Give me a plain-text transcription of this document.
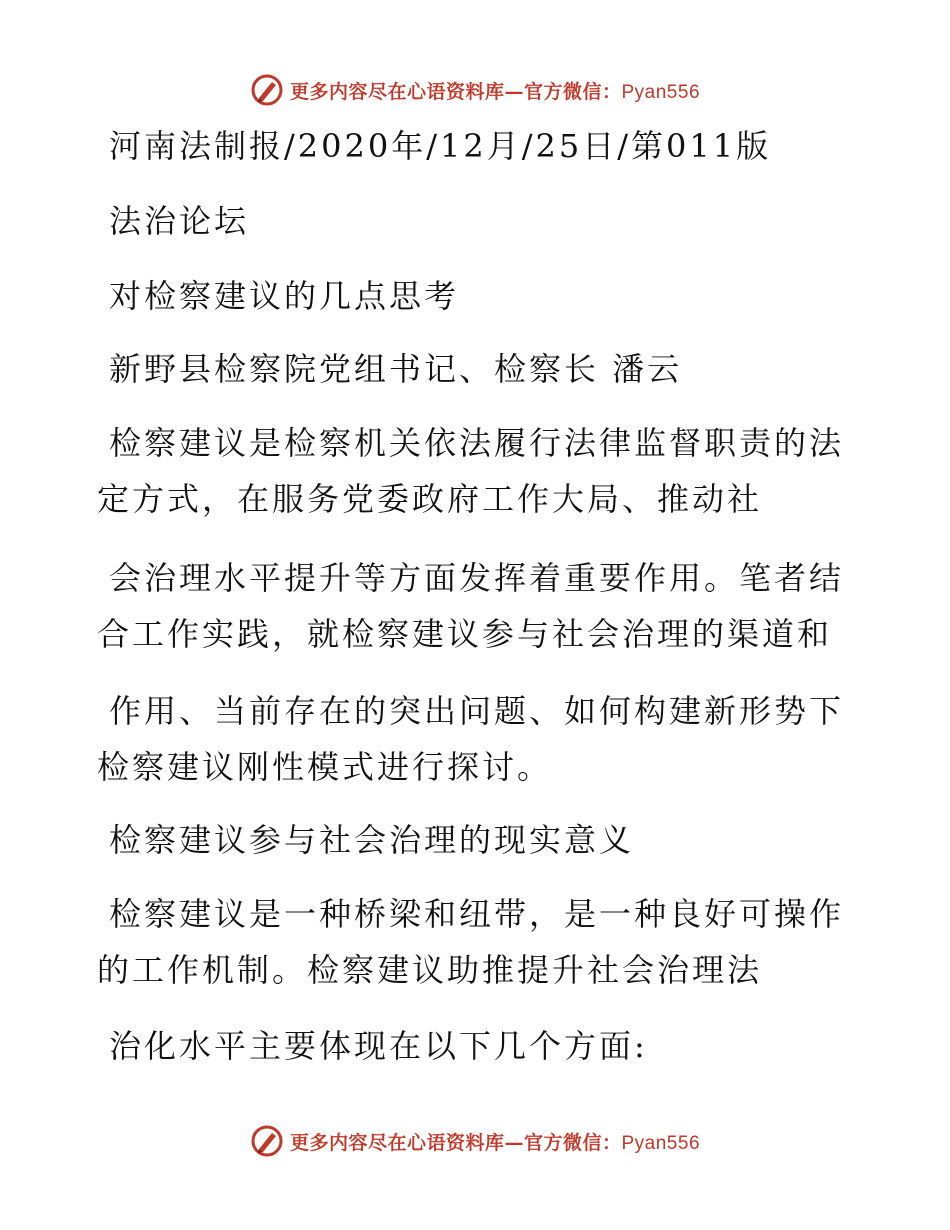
更多内容尽在心语资料库—官方微信：Pyan556
河南法制报/2020年/12月/25日/第011版
法治论坛
对检察建议的几点思考
新野县检察院党组书记、检察长 潘云
检察建议是检察机关依法履行法律监督职责的法
定方式，在服务党委政府工作大局、推动社
会治理水平提升等方面发挥着重要作用。笔者结
合工作实践，就检察建议参与社会治理的渠道和
作用、当前存在的突出问题、如何构建新形势下
检察建议刚性模式进行探讨。
检察建议参与社会治理的现实意义
检察建议是一种桥梁和纽带，是一种良好可操作
的工作机制。检察建议助推提升社会治理法
治化水平主要体现在以下几个方面:
更多内容尽在心语资料库—官方微信：Pyan556
